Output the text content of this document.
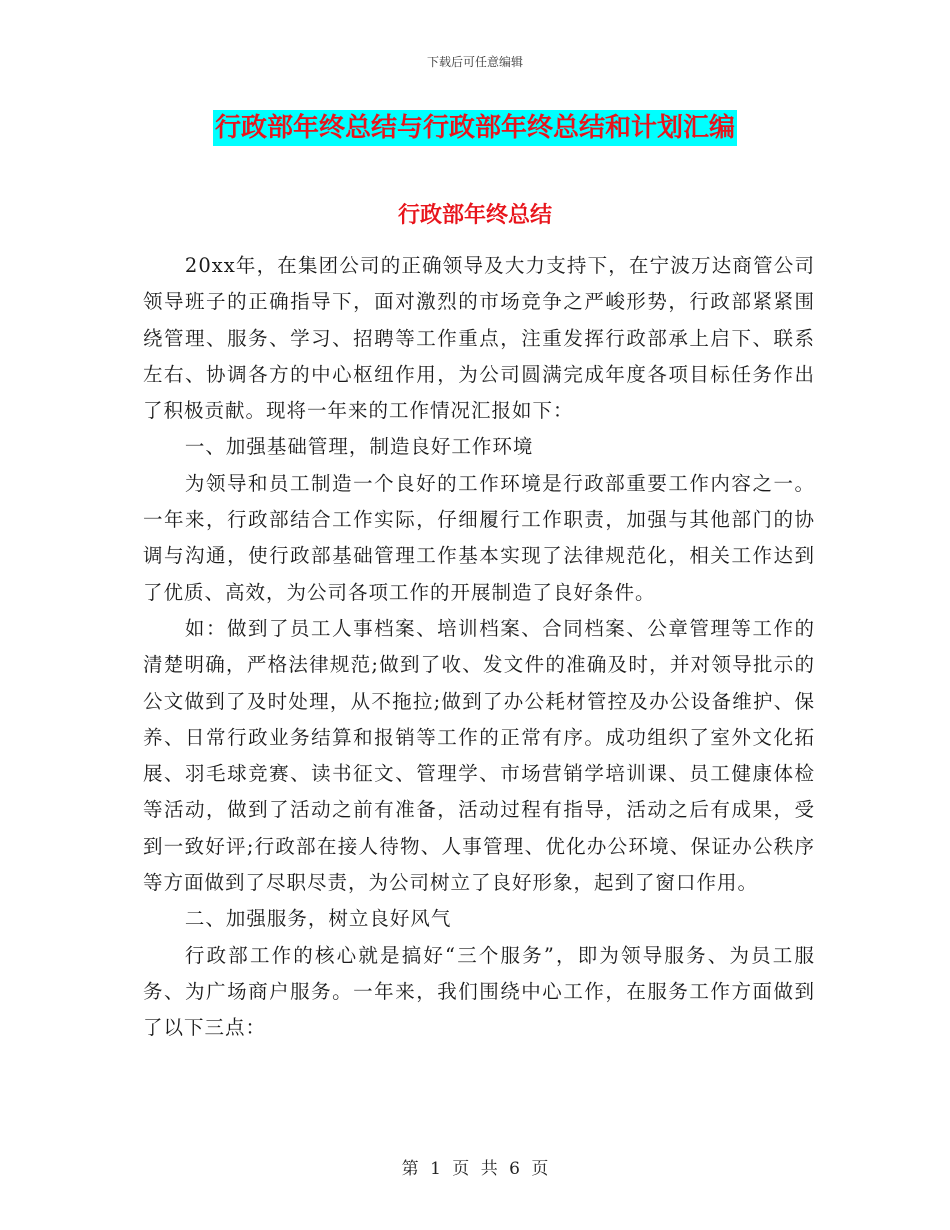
下载后可任意编辑
行政部年终总结与行政部年终总结和计划汇编
行政部年终总结

20xx年，在集团公司的正确领导及大力支持下，在宁波万达商管公司领导班子的正确指导下，面对激烈的市场竞争之严峻形势，行政部紧紧围绕管理、服务、学习、招聘等工作重点，注重发挥行政部承上启下、联系左右、协调各方的中心枢纽作用，为公司圆满完成年度各项目标任务作出了积极贡献。现将一年来的工作情况汇报如下：

一、加强基础管理，制造良好工作环境

为领导和员工制造一个良好的工作环境是行政部重要工作内容之一。一年来，行政部结合工作实际，仔细履行工作职责，加强与其他部门的协调与沟通，使行政部基础管理工作基本实现了法律规范化，相关工作达到了优质、高效，为公司各项工作的开展制造了良好条件。

如：做到了员工人事档案、培训档案、合同档案、公章管理等工作的清楚明确，严格法律规范;做到了收、发文件的准确及时，并对领导批示的公文做到了及时处理，从不拖拉;做到了办公耗材管控及办公设备维护、保养、日常行政业务结算和报销等工作的正常有序。成功组织了室外文化拓展、羽毛球竞赛、读书征文、管理学、市场营销学培训课、员工健康体检等活动，做到了活动之前有准备，活动过程有指导，活动之后有成果，受到一致好评;行政部在接人待物、人事管理、优化办公环境、保证办公秩序等方面做到了尽职尽责，为公司树立了良好形象，起到了窗口作用。

二、加强服务，树立良好风气

行政部工作的核心就是搞好“三个服务”，即为领导服务、为员工服务、为广场商户服务。一年来，我们围绕中心工作，在服务工作方面做到了以下三点：

第 1 页 共 6 页
